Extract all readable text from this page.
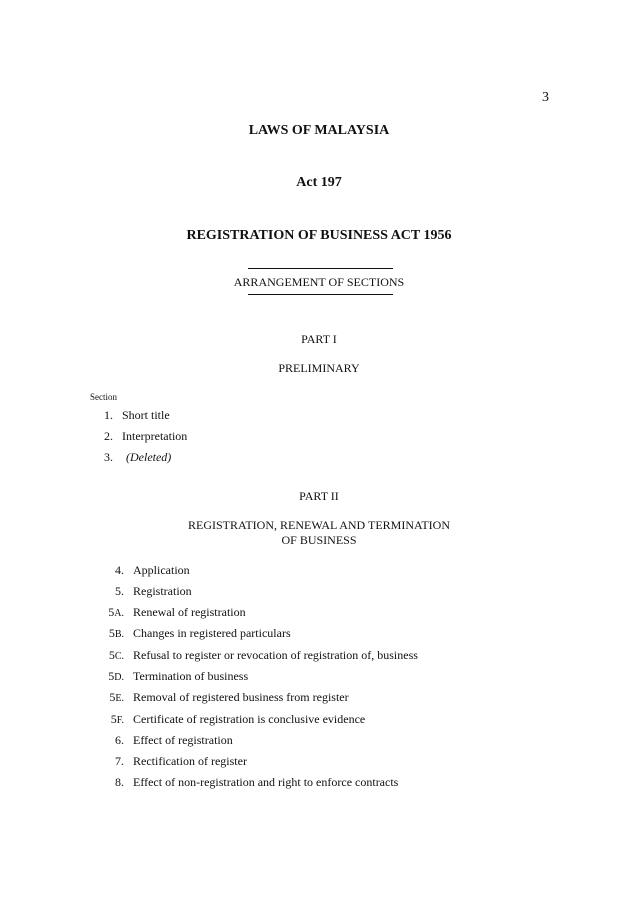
3
LAWS OF MALAYSIA
Act 197
REGISTRATION OF BUSINESS ACT 1956
ARRANGEMENT OF SECTIONS
PART I
PRELIMINARY
Section
1. Short title
2. Interpretation
3. (Deleted)
PART II
REGISTRATION, RENEWAL AND TERMINATION
OF BUSINESS
4. Application
5. Registration
5A. Renewal of registration
5B. Changes in registered particulars
5C. Refusal to register or revocation of registration of, business
5D. Termination of business
5E. Removal of registered business from register
5F. Certificate of registration is conclusive evidence
6. Effect of registration
7. Rectification of register
8. Effect of non-registration and right to enforce contracts
